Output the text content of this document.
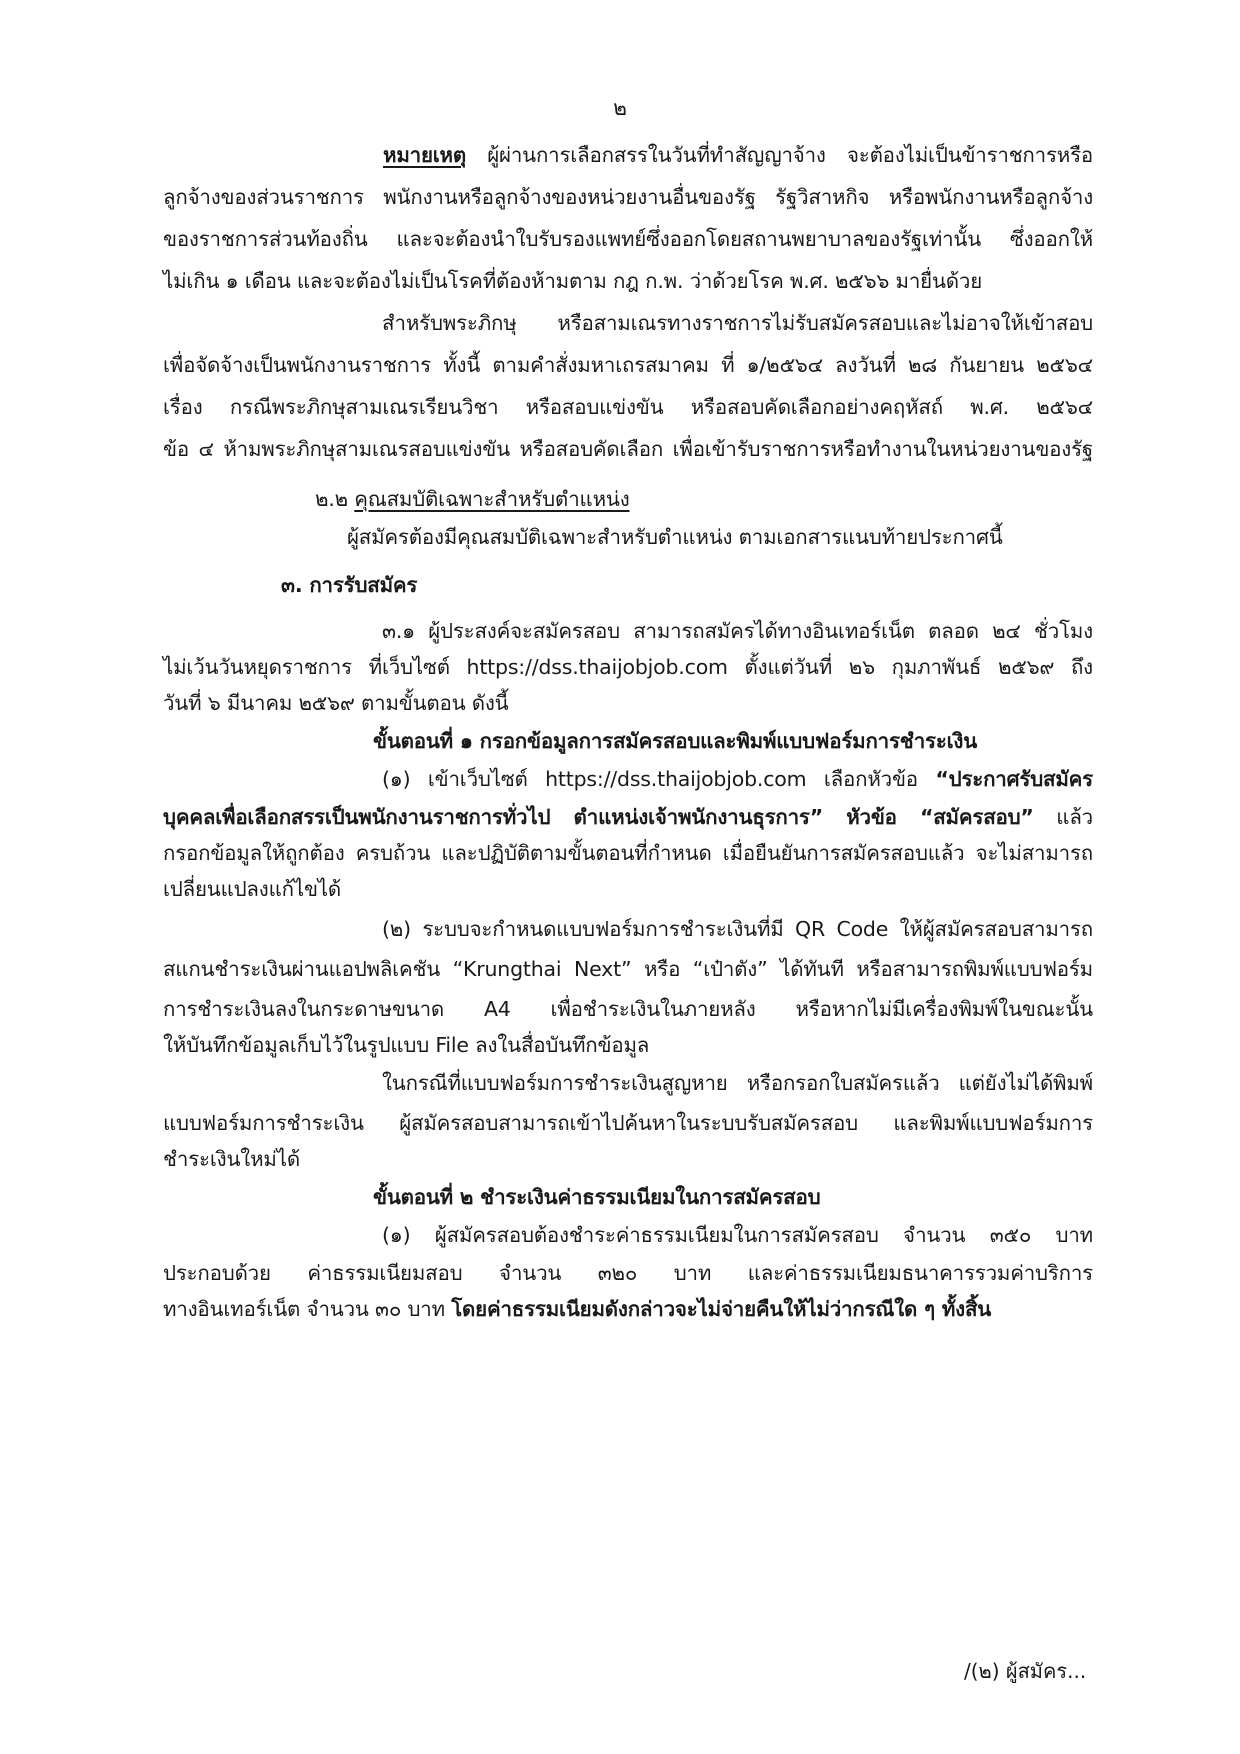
๒
หมายเหตุ ผู้ผ่านการเลือกสรรในวันที่ทำสัญญาจ้าง จะต้องไม่เป็นข้าราชการหรือ
ลูกจ้างของส่วนราชการ พนักงานหรือลูกจ้างของหน่วยงานอื่นของรัฐ รัฐวิสาหกิจ หรือพนักงานหรือลูกจ้าง
ของราชการส่วนท้องถิ่น และจะต้องนำใบรับรองแพทย์ซึ่งออกโดยสถานพยาบาลของรัฐเท่านั้น ซึ่งออกให้
ไม่เกิน ๑ เดือน และจะต้องไม่เป็นโรคที่ต้องห้ามตาม กฎ ก.พ. ว่าด้วยโรค พ.ศ. ๒๕๖๖ มายื่นด้วย
สำหรับพระภิกษุ หรือสามเณรทางราชการไม่รับสมัครสอบและไม่อาจให้เข้าสอบ
เพื่อจัดจ้างเป็นพนักงานราชการ ทั้งนี้ ตามคำสั่งมหาเถรสมาคม ที่ ๑/๒๕๖๔ ลงวันที่ ๒๘ กันยายน ๒๕๖๔
เรื่อง กรณีพระภิกษุสามเณรเรียนวิชา หรือสอบแข่งขัน หรือสอบคัดเลือกอย่างคฤหัสถ์ พ.ศ. ๒๕๖๔
ข้อ ๔ ห้ามพระภิกษุสามเณรสอบแข่งขัน หรือสอบคัดเลือก เพื่อเข้ารับราชการหรือทำงานในหน่วยงานของรัฐ
๒.๒ คุณสมบัติเฉพาะสำหรับตำแหน่ง
ผู้สมัครต้องมีคุณสมบัติเฉพาะสำหรับตำแหน่ง ตามเอกสารแนบท้ายประกาศนี้
๓. การรับสมัคร
๓.๑ ผู้ประสงค์จะสมัครสอบ สามารถสมัครได้ทางอินเทอร์เน็ต ตลอด ๒๔ ชั่วโมง
ไม่เว้นวันหยุดราชการ ที่เว็บไซต์ https://dss.thaijobjob.com ตั้งแต่วันที่ ๒๖ กุมภาพันธ์ ๒๕๖๙ ถึง
วันที่ ๖ มีนาคม ๒๕๖๙ ตามขั้นตอน ดังนี้
ขั้นตอนที่ ๑ กรอกข้อมูลการสมัครสอบและพิมพ์แบบฟอร์มการชำระเงิน
(๑) เข้าเว็บไซต์ https://dss.thaijobjob.com เลือกหัวข้อ “ประกาศรับสมัคร
บุคคลเพื่อเลือกสรรเป็นพนักงานราชการทั่วไป ตำแหน่งเจ้าพนักงานธุรการ” หัวข้อ “สมัครสอบ” แล้ว
กรอกข้อมูลให้ถูกต้อง ครบถ้วน และปฏิบัติตามขั้นตอนที่กำหนด เมื่อยืนยันการสมัครสอบแล้ว จะไม่สามารถ
เปลี่ยนแปลงแก้ไขได้
(๒) ระบบจะกำหนดแบบฟอร์มการชำระเงินที่มี QR Code ให้ผู้สมัครสอบสามารถ
สแกนชำระเงินผ่านแอปพลิเคชัน “Krungthai Next” หรือ “เป๋าตัง” ได้ทันที หรือสามารถพิมพ์แบบฟอร์ม
การชำระเงินลงในกระดาษขนาด A4 เพื่อชำระเงินในภายหลัง หรือหากไม่มีเครื่องพิมพ์ในขณะนั้น
ให้บันทึกข้อมูลเก็บไว้ในรูปแบบ File ลงในสื่อบันทึกข้อมูล
ในกรณีที่แบบฟอร์มการชำระเงินสูญหาย หรือกรอกใบสมัครแล้ว แต่ยังไม่ได้พิมพ์
แบบฟอร์มการชำระเงิน ผู้สมัครสอบสามารถเข้าไปค้นหาในระบบรับสมัครสอบ และพิมพ์แบบฟอร์มการ
ชำระเงินใหม่ได้
ขั้นตอนที่ ๒ ชำระเงินค่าธรรมเนียมในการสมัครสอบ
(๑) ผู้สมัครสอบต้องชำระค่าธรรมเนียมในการสมัครสอบ จำนวน ๓๕๐ บาท
ประกอบด้วย ค่าธรรมเนียมสอบ จำนวน ๓๒๐ บาท และค่าธรรมเนียมธนาคารรวมค่าบริการ
ทางอินเทอร์เน็ต จำนวน ๓๐ บาท โดยค่าธรรมเนียมดังกล่าวจะไม่จ่ายคืนให้ไม่ว่ากรณีใด ๆ ทั้งสิ้น
/(๒) ผู้สมัคร...
